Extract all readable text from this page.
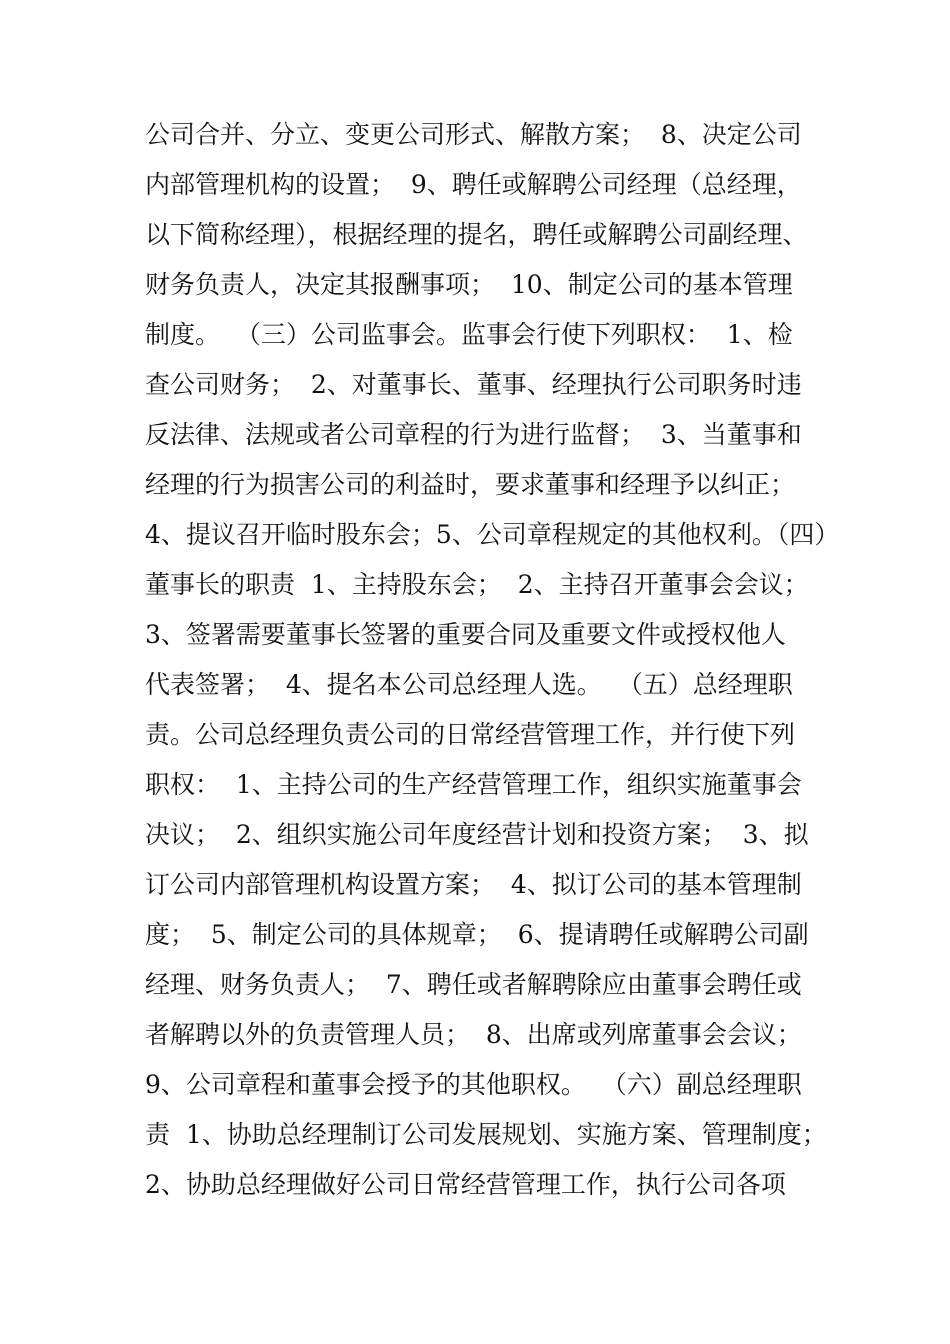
公司合并、分立、变更公司形式、解散方案；  8、决定公司
内部管理机构的设置；  9、聘任或解聘公司经理（总经理，
以下简称经理），根据经理的提名，聘任或解聘公司副经理、
财务负责人，决定其报酬事项；  10、制定公司的基本管理
制度。  （三）公司监事会。监事会行使下列职权：  1、检
查公司财务；  2、对董事长、董事、经理执行公司职务时违
反法律、法规或者公司章程的行为进行监督；  3、当董事和
经理的行为损害公司的利益时，要求董事和经理予以纠正；
4、提议召开临时股东会；5、公司章程规定的其他权利。（四）
董事长的职责  1、主持股东会；  2、主持召开董事会会议；
3、签署需要董事长签署的重要合同及重要文件或授权他人
代表签署；  4、提名本公司总经理人选。  （五）总经理职
责。公司总经理负责公司的日常经营管理工作，并行使下列
职权：  1、主持公司的生产经营管理工作，组织实施董事会
决议；  2、组织实施公司年度经营计划和投资方案；  3、拟
订公司内部管理机构设置方案；  4、拟订公司的基本管理制
度；  5、制定公司的具体规章；  6、提请聘任或解聘公司副
经理、财务负责人；  7、聘任或者解聘除应由董事会聘任或
者解聘以外的负责管理人员；  8、出席或列席董事会会议；
9、公司章程和董事会授予的其他职权。  （六）副总经理职
责  1、协助总经理制订公司发展规划、实施方案、管理制度；
2、协助总经理做好公司日常经营管理工作，执行公司各项
